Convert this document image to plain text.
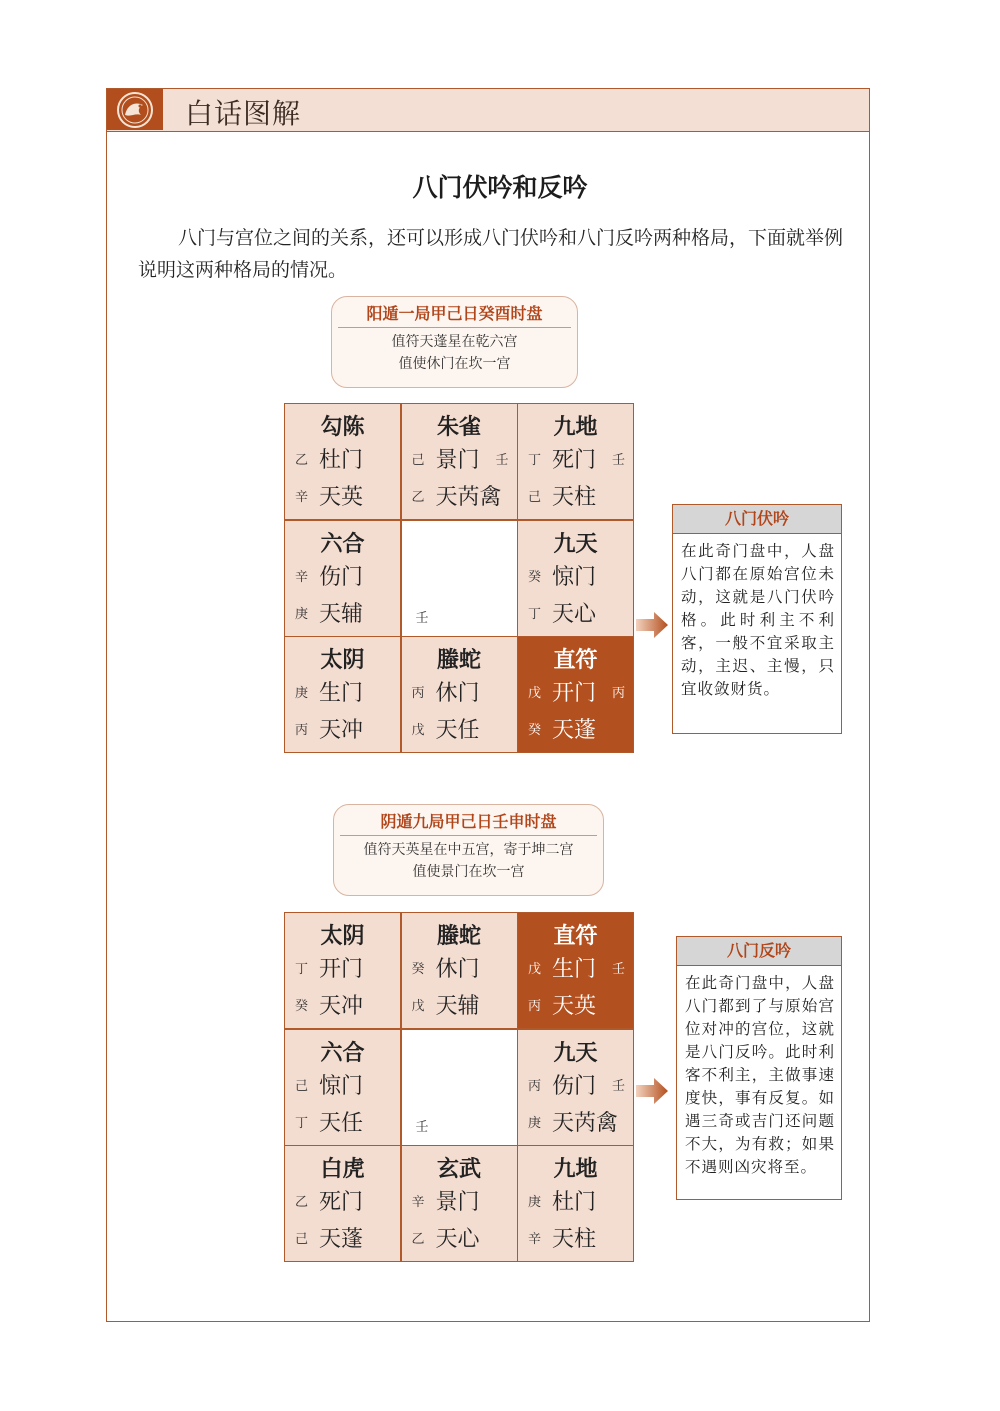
白话图解
八门伏吟和反吟
八门与宫位之间的关系，还可以形成八门伏吟和八门反吟两种格局，下面就举例说明这两种格局的情况。
阳遁一局甲己日癸酉时盘
值符天蓬星在乾六宫
值使休门在坎一宫
勾陈
乙 杜门
辛 天英
朱雀
己 景门 壬
乙 天芮禽
九地
丁 死门 壬
己 天柱
六合
辛 伤门
庚 天辅	壬
九天
癸 惊门
丁 天心
太阴
庚 生门
丙 天冲
螣蛇
丙 休门
戊 天任
直符
戊 开门 丙
癸 天蓬
八门伏吟
在此奇门盘中，人盘八门都在原始宫位未动，这就是八门伏吟格。此时利主不利客，一般不宜采取主动，主迟、主慢，只宜收敛财货。
阴遁九局甲己日壬申时盘
值符天英星在中五宫，寄于坤二宫
值使景门在坎一宫
太阴
丁 开门
癸 天冲
螣蛇
癸 休门
戊 天辅
直符
戊 生门 壬
丙 天英
六合
己 惊门
丁 天任	壬
九天
丙 伤门 壬
庚 天芮禽
白虎
乙 死门
己 天蓬
玄武
辛 景门
乙 天心
九地
庚 杜门
辛 天柱
八门反吟
在此奇门盘中，人盘八门都到了与原始宫位对冲的宫位，这就是八门反吟。此时利客不利主，主做事速度快，事有反复。如遇三奇或吉门还问题不大，为有救；如果不遇则凶灾将至。
